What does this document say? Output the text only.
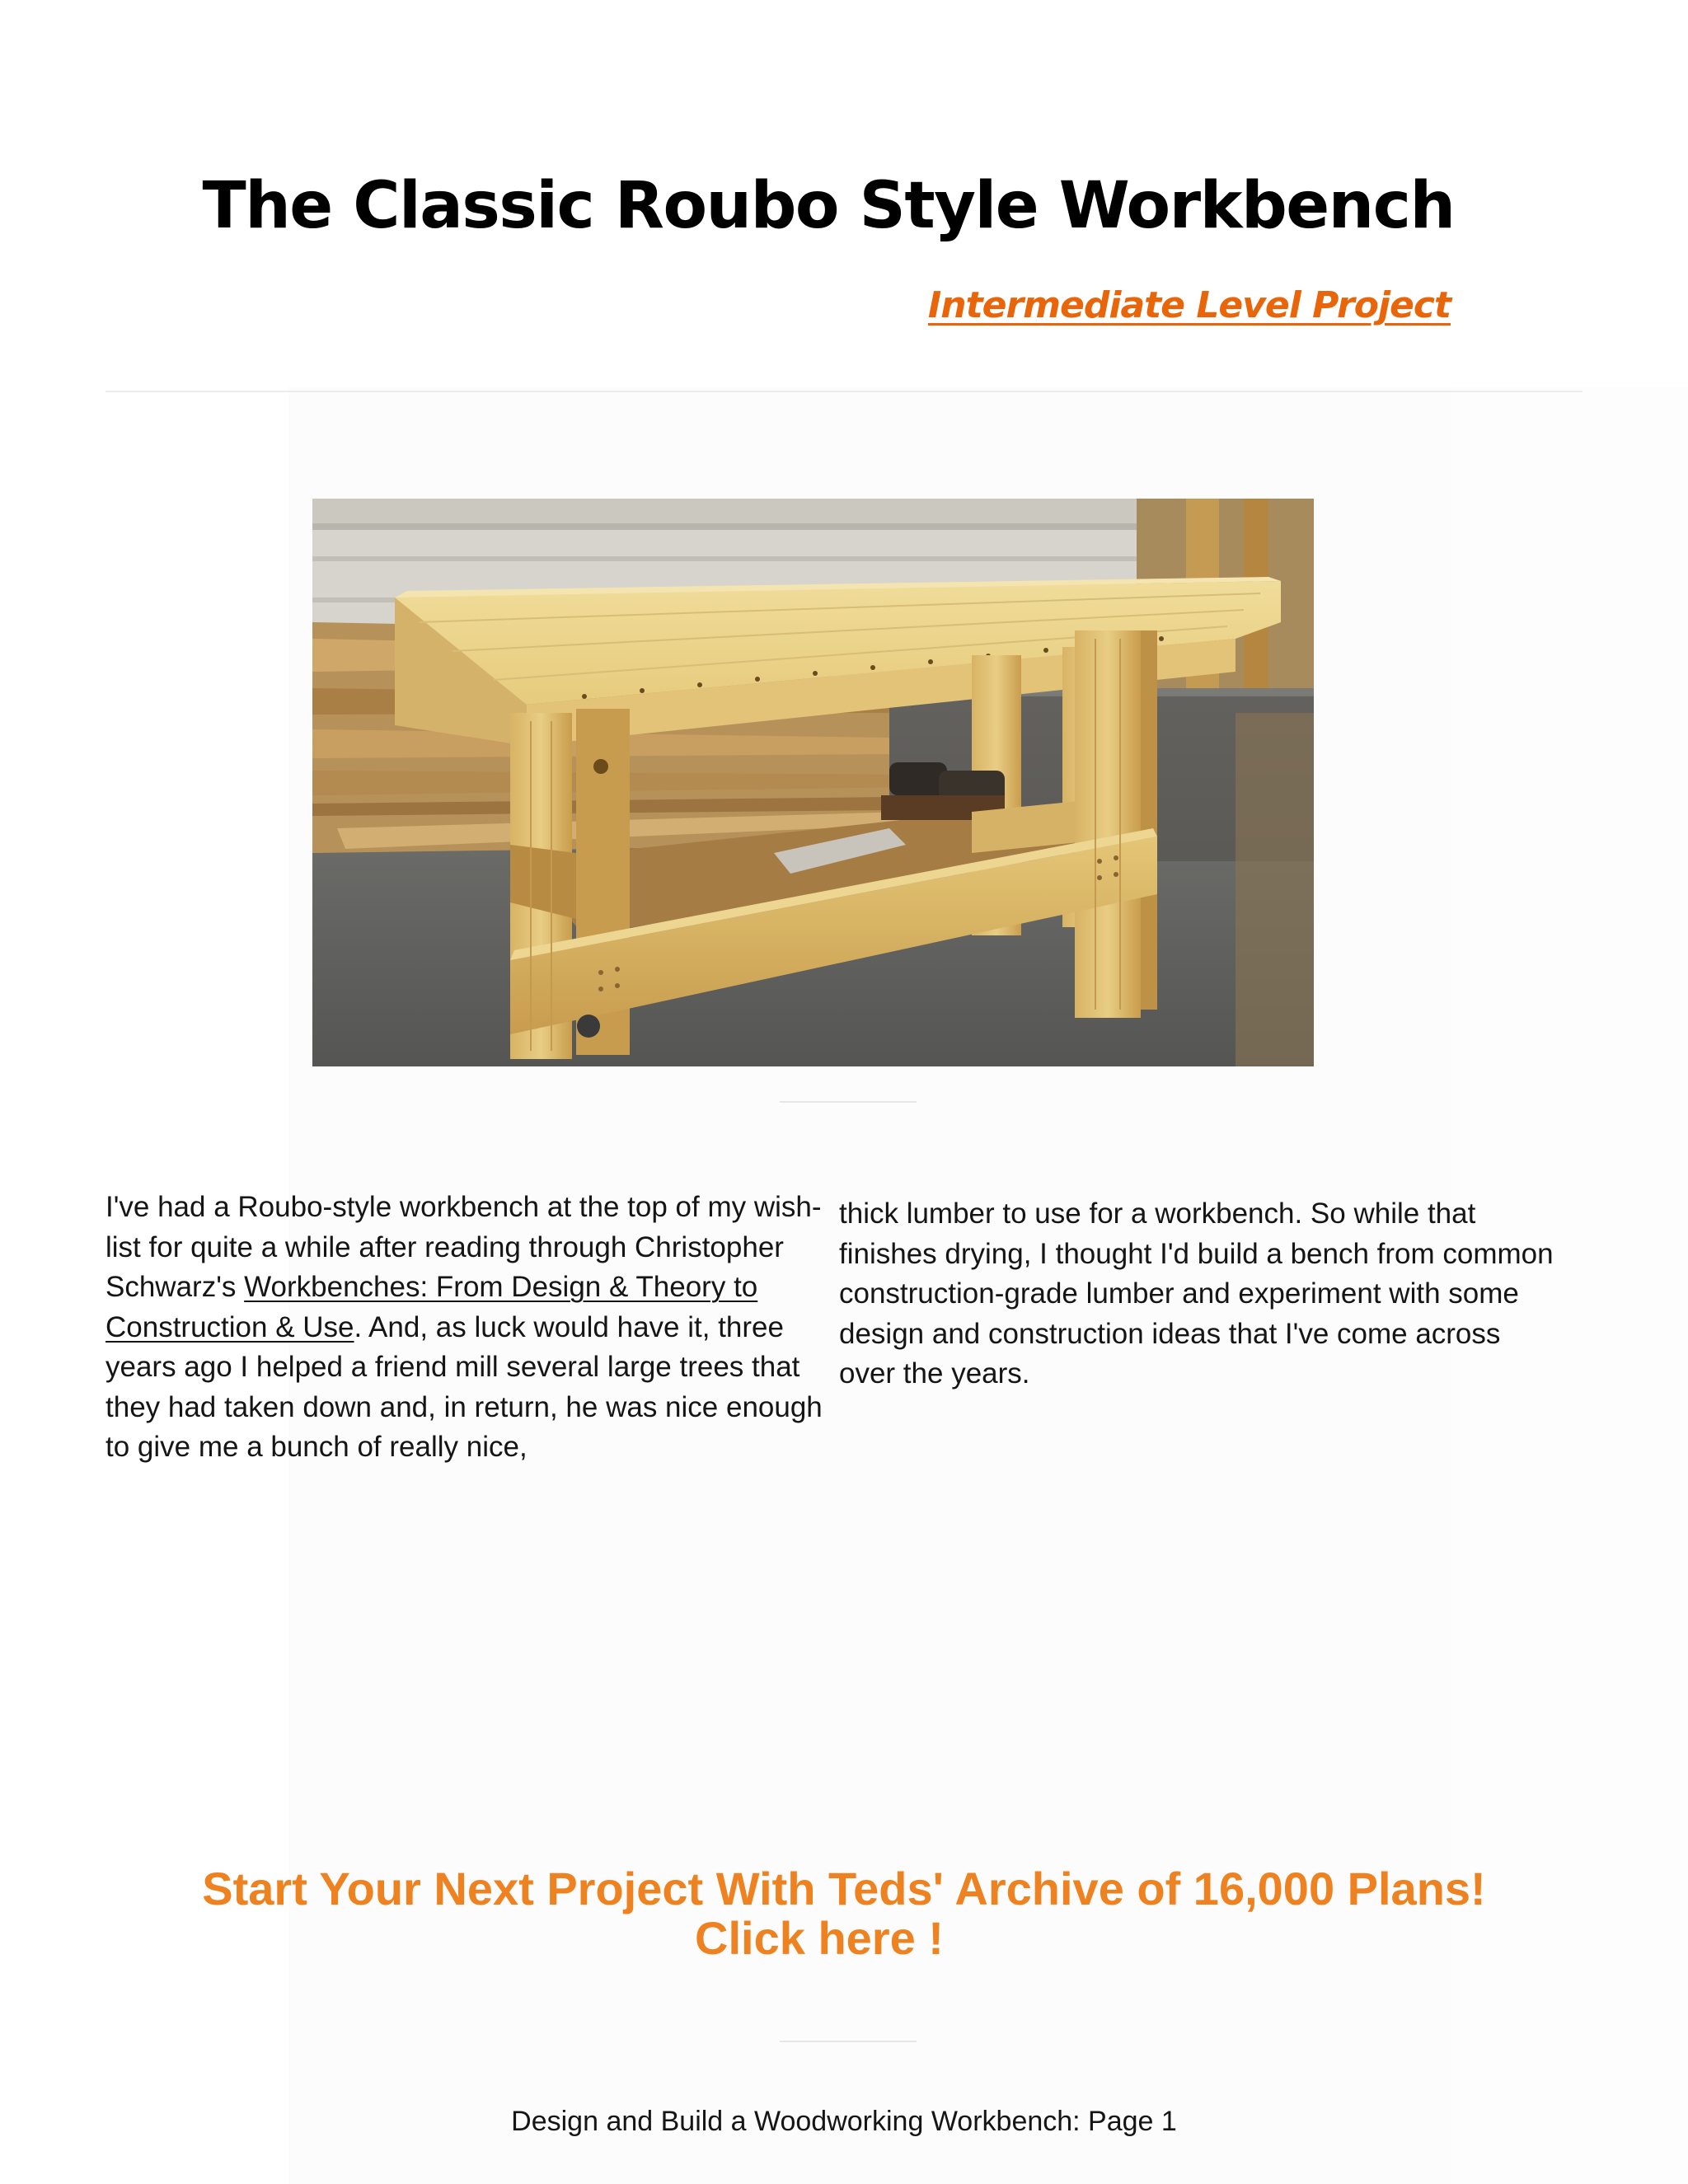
The Classic Roubo Style Workbench
Intermediate Level Project

I've had a Roubo-style workbench at the top of my wish-list for quite a while after reading through Christopher Schwarz's Workbenches: From Design & Theory to Construction & Use. And, as luck would have it, three years ago I helped a friend mill several large trees that they had taken down and, in return, he was nice enough to give me a bunch of really nice,

thick lumber to use for a workbench. So while that finishes drying, I thought I'd build a bench from common construction-grade lumber and experiment with some design and construction ideas that I've come across over the years.

Start Your Next Project With Teds' Archive of 16,000 Plans!
Click here !
Design and Build a Woodworking Workbench: Page 1
